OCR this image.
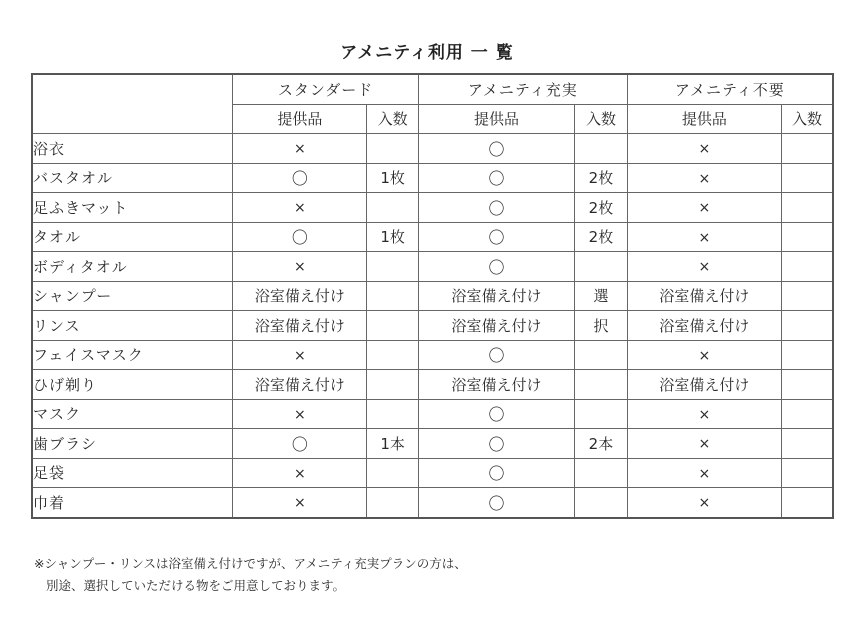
アメニティ利用 一 覧
	スタンダード		アメニティ充実		アメニティ不要	
	提供品	入数	提供品	入数	提供品	入数
浴衣	×		〇		×	
バスタオル	〇	1枚	〇	2枚	×	
足ふきマット	×		〇	2枚	×	
タオル	〇	1枚	〇	2枚	×	
ボディタオル	×		〇		×	
シャンプー	浴室備え付け		浴室備え付け	選	浴室備え付け	
リンス	浴室備え付け		浴室備え付け	択	浴室備え付け	
フェイスマスク	×		〇		×	
ひげ剃り	浴室備え付け		浴室備え付け		浴室備え付け	
マスク	×		〇		×	
歯ブラシ	〇	1本	〇	2本	×	
足袋	×		〇		×	
巾着	×		〇		×	
※シャンプー・リンスは浴室備え付けですが、アメニティ充実プランの方は、
別途、選択していただける物をご用意しております。
